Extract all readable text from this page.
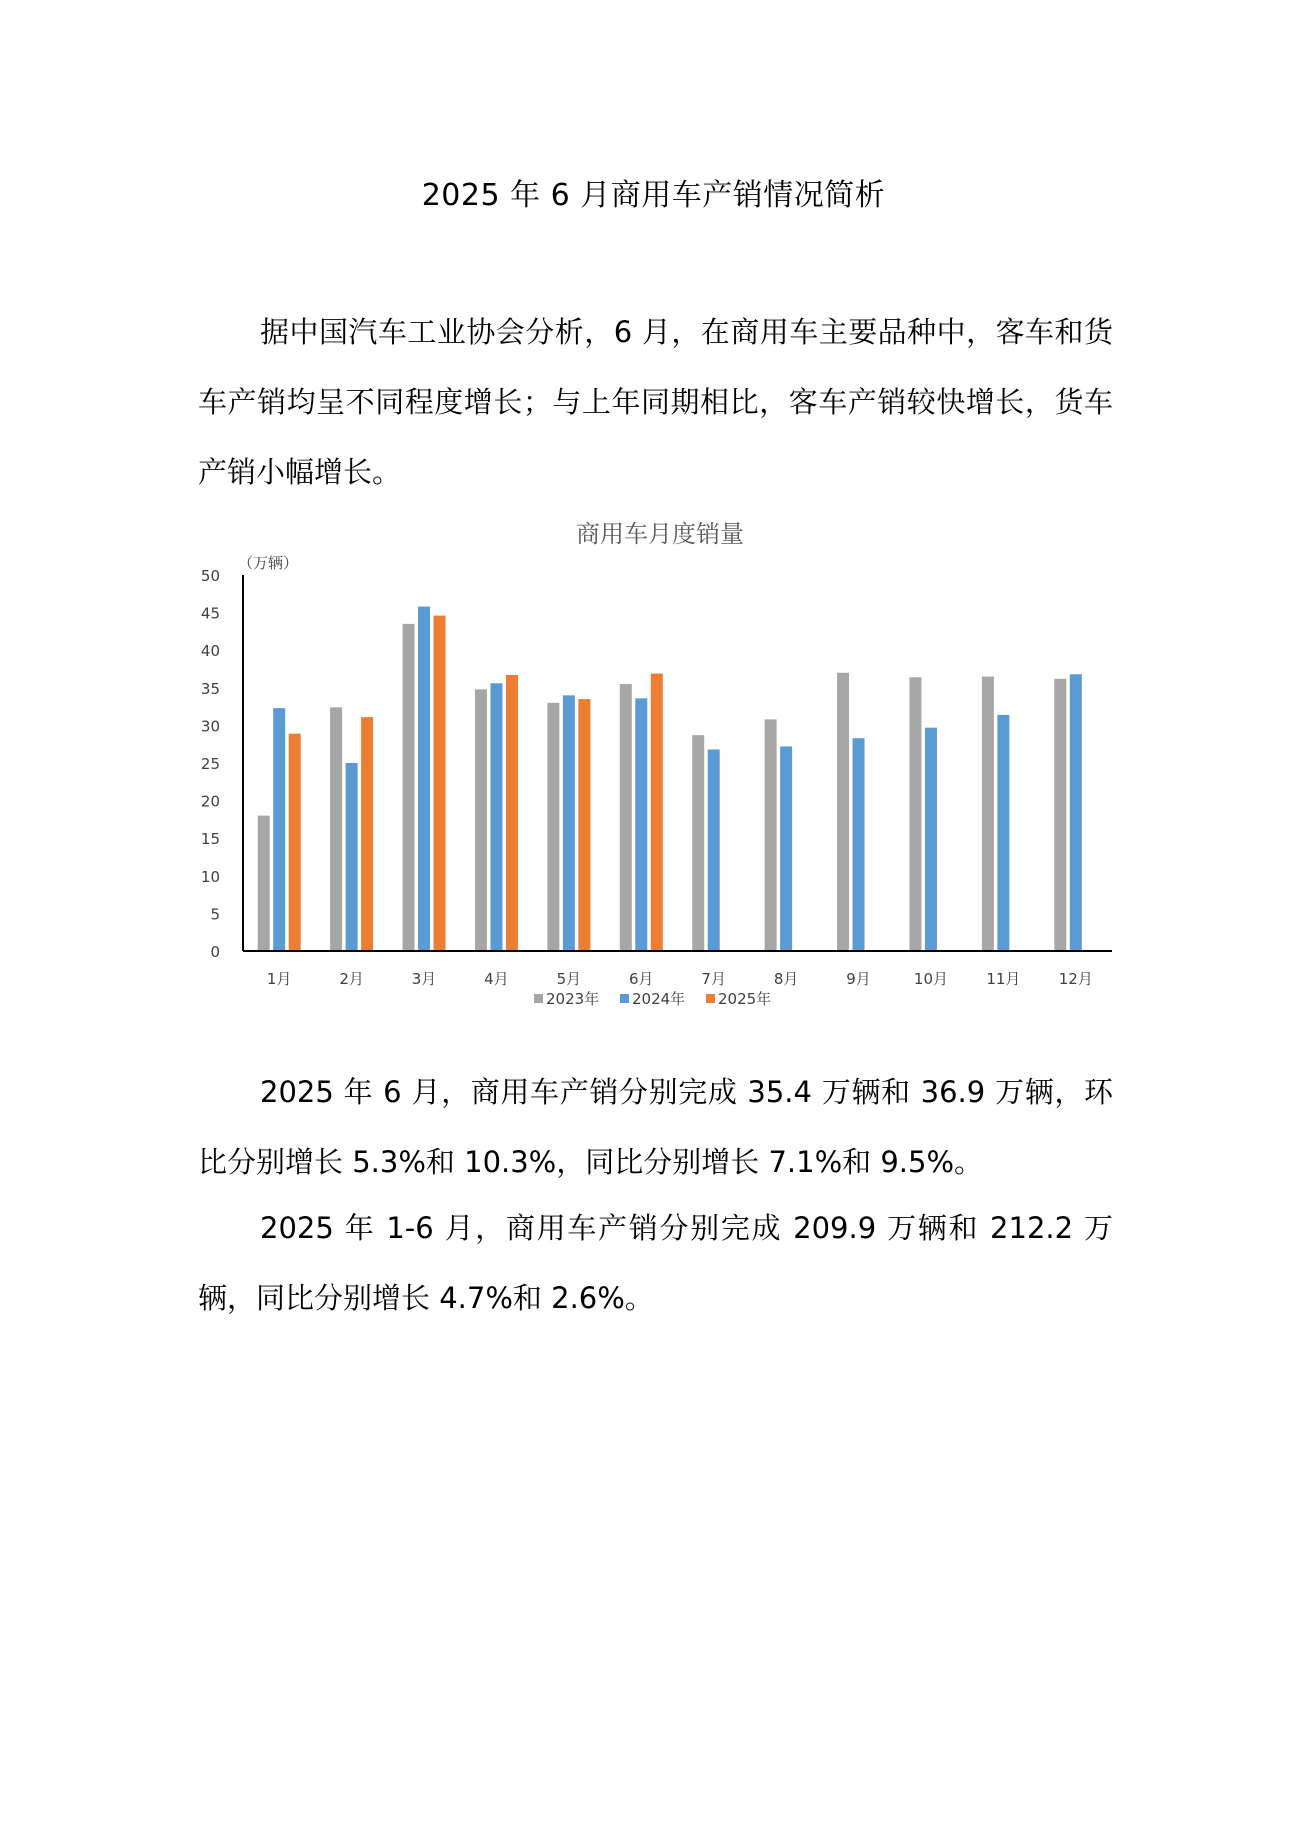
2025 年 6 月商用车产销情况简析

据中国汽车工业协会分析，6 月，在商用车主要品种中，客车和货车产销均呈不同程度增长；与上年同期相比，客车产销较快增长，货车产销小幅增长。

商用车月度销量
（万辆）
0
5
10
15
20
25
30
35
40
45
50
1月	2月	3月	4月	5月	6月	7月	8月	9月	10月	11月	12月
2023年 2024年 2025年

2025 年 6 月，商用车产销分别完成 35.4 万辆和 36.9 万辆，环比分别增长 5.3%和 10.3%，同比分别增长 7.1%和 9.5%。

2025 年 1-6 月，商用车产销分别完成 209.9 万辆和 212.2 万辆，同比分别增长 4.7%和 2.6%。
